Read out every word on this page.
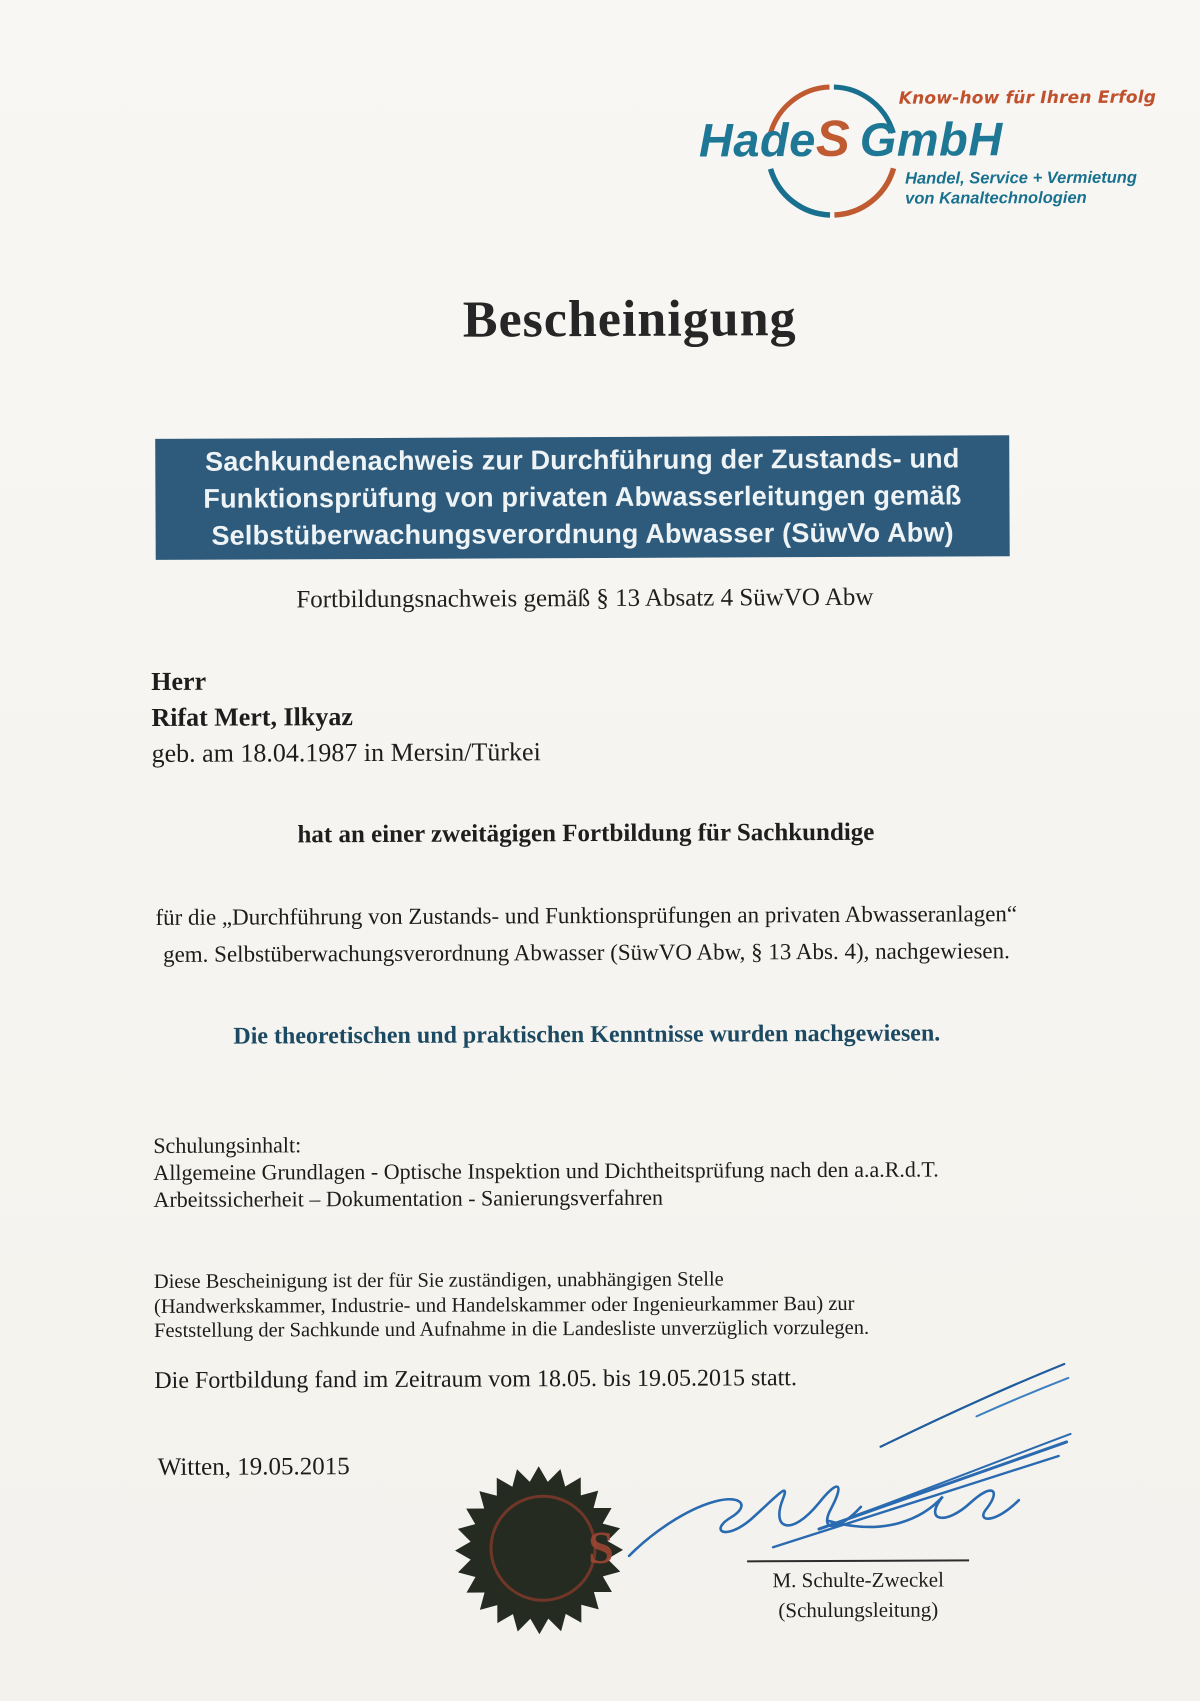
HadeS GmbH
Know-how für Ihren Erfolg
Handel, Service + Vermietung
von Kanaltechnologien
Bescheinigung
Sachkundenachweis zur Durchführung der Zustands- und
Funktionsprüfung von privaten Abwasserleitungen gemäß
Selbstüberwachungsverordnung Abwasser (SüwVo Abw)
Fortbildungsnachweis gemäß § 13 Absatz 4 SüwVO Abw
Herr
Rifat Mert, Ilkyaz
geb. am 18.04.1987 in Mersin/Türkei
hat an einer zweitägigen Fortbildung für Sachkundige
für die „Durchführung von Zustands- und Funktionsprüfungen an privaten Abwasseranlagen“
gem. Selbstüberwachungsverordnung Abwasser (SüwVO Abw, § 13 Abs. 4), nachgewiesen.
Die theoretischen und praktischen Kenntnisse wurden nachgewiesen.
Schulungsinhalt:
Allgemeine Grundlagen - Optische Inspektion und Dichtheitsprüfung nach den a.a.R.d.T.
Arbeitssicherheit – Dokumentation - Sanierungsverfahren
Diese Bescheinigung ist der für Sie zuständigen, unabhängigen Stelle
(Handwerkskammer, Industrie- und Handelskammer oder Ingenieurkammer Bau) zur
Feststellung der Sachkunde und Aufnahme in die Landesliste unverzüglich vorzulegen.
Die Fortbildung fand im Zeitraum vom 18.05. bis 19.05.2015 statt.
Witten, 19.05.2015
S
M. Schulte-Zweckel
(Schulungsleitung)
